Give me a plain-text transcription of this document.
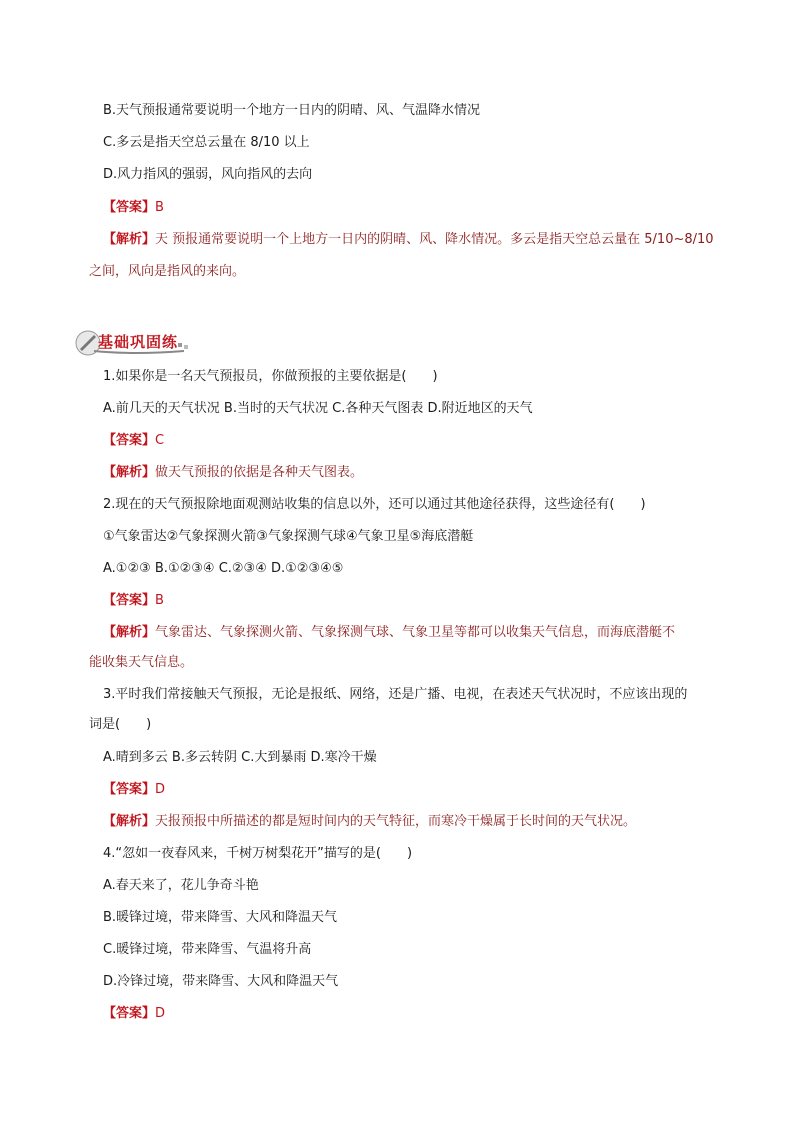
B.天气预报通常要说明一个地方一日内的阴晴、风、气温降水情况
C.多云是指天空总云量在 8/10 以上
D.风力指风的强弱，风向指风的去向
【答案】B
【解析】天 预报通常要说明一个上地方一日内的阴晴、风、降水情况。多云是指天空总云量在 5/10~8/10
之间，风向是指风的来向。
基础巩固练
1.如果你是一名天气预报员，你做预报的主要依据是(　　)
A.前几天的天气状况 B.当时的天气状况 C.各种天气图表 D.附近地区的天气
【答案】C
【解析】做天气预报的依据是各种天气图表。
2.现在的天气预报除地面观测站收集的信息以外，还可以通过其他途径获得，这些途径有(　　)
①气象雷达②气象探测火箭③气象探测气球④气象卫星⑤海底潜艇
A.①②③ B.①②③④ C.②③④ D.①②③④⑤
【答案】B
【解析】气象雷达、气象探测火箭、气象探测气球、气象卫星等都可以收集天气信息，而海底潜艇不
能收集天气信息。
3.平时我们常接触天气预报，无论是报纸、网络，还是广播、电视，在表述天气状况时，不应该出现的
词是(　　)
A.晴到多云 B.多云转阴 C.大到暴雨 D.寒冷干燥
【答案】D
【解析】天报预报中所描述的都是短时间内的天气特征，而寒冷干燥属于长时间的天气状况。
4.“忽如一夜春风来，千树万树梨花开”描写的是(　　)
A.春天来了，花儿争奇斗艳
B.暖锋过境，带来降雪、大风和降温天气
C.暖锋过境，带来降雪、气温将升高
D.冷锋过境，带来降雪、大风和降温天气
【答案】D
